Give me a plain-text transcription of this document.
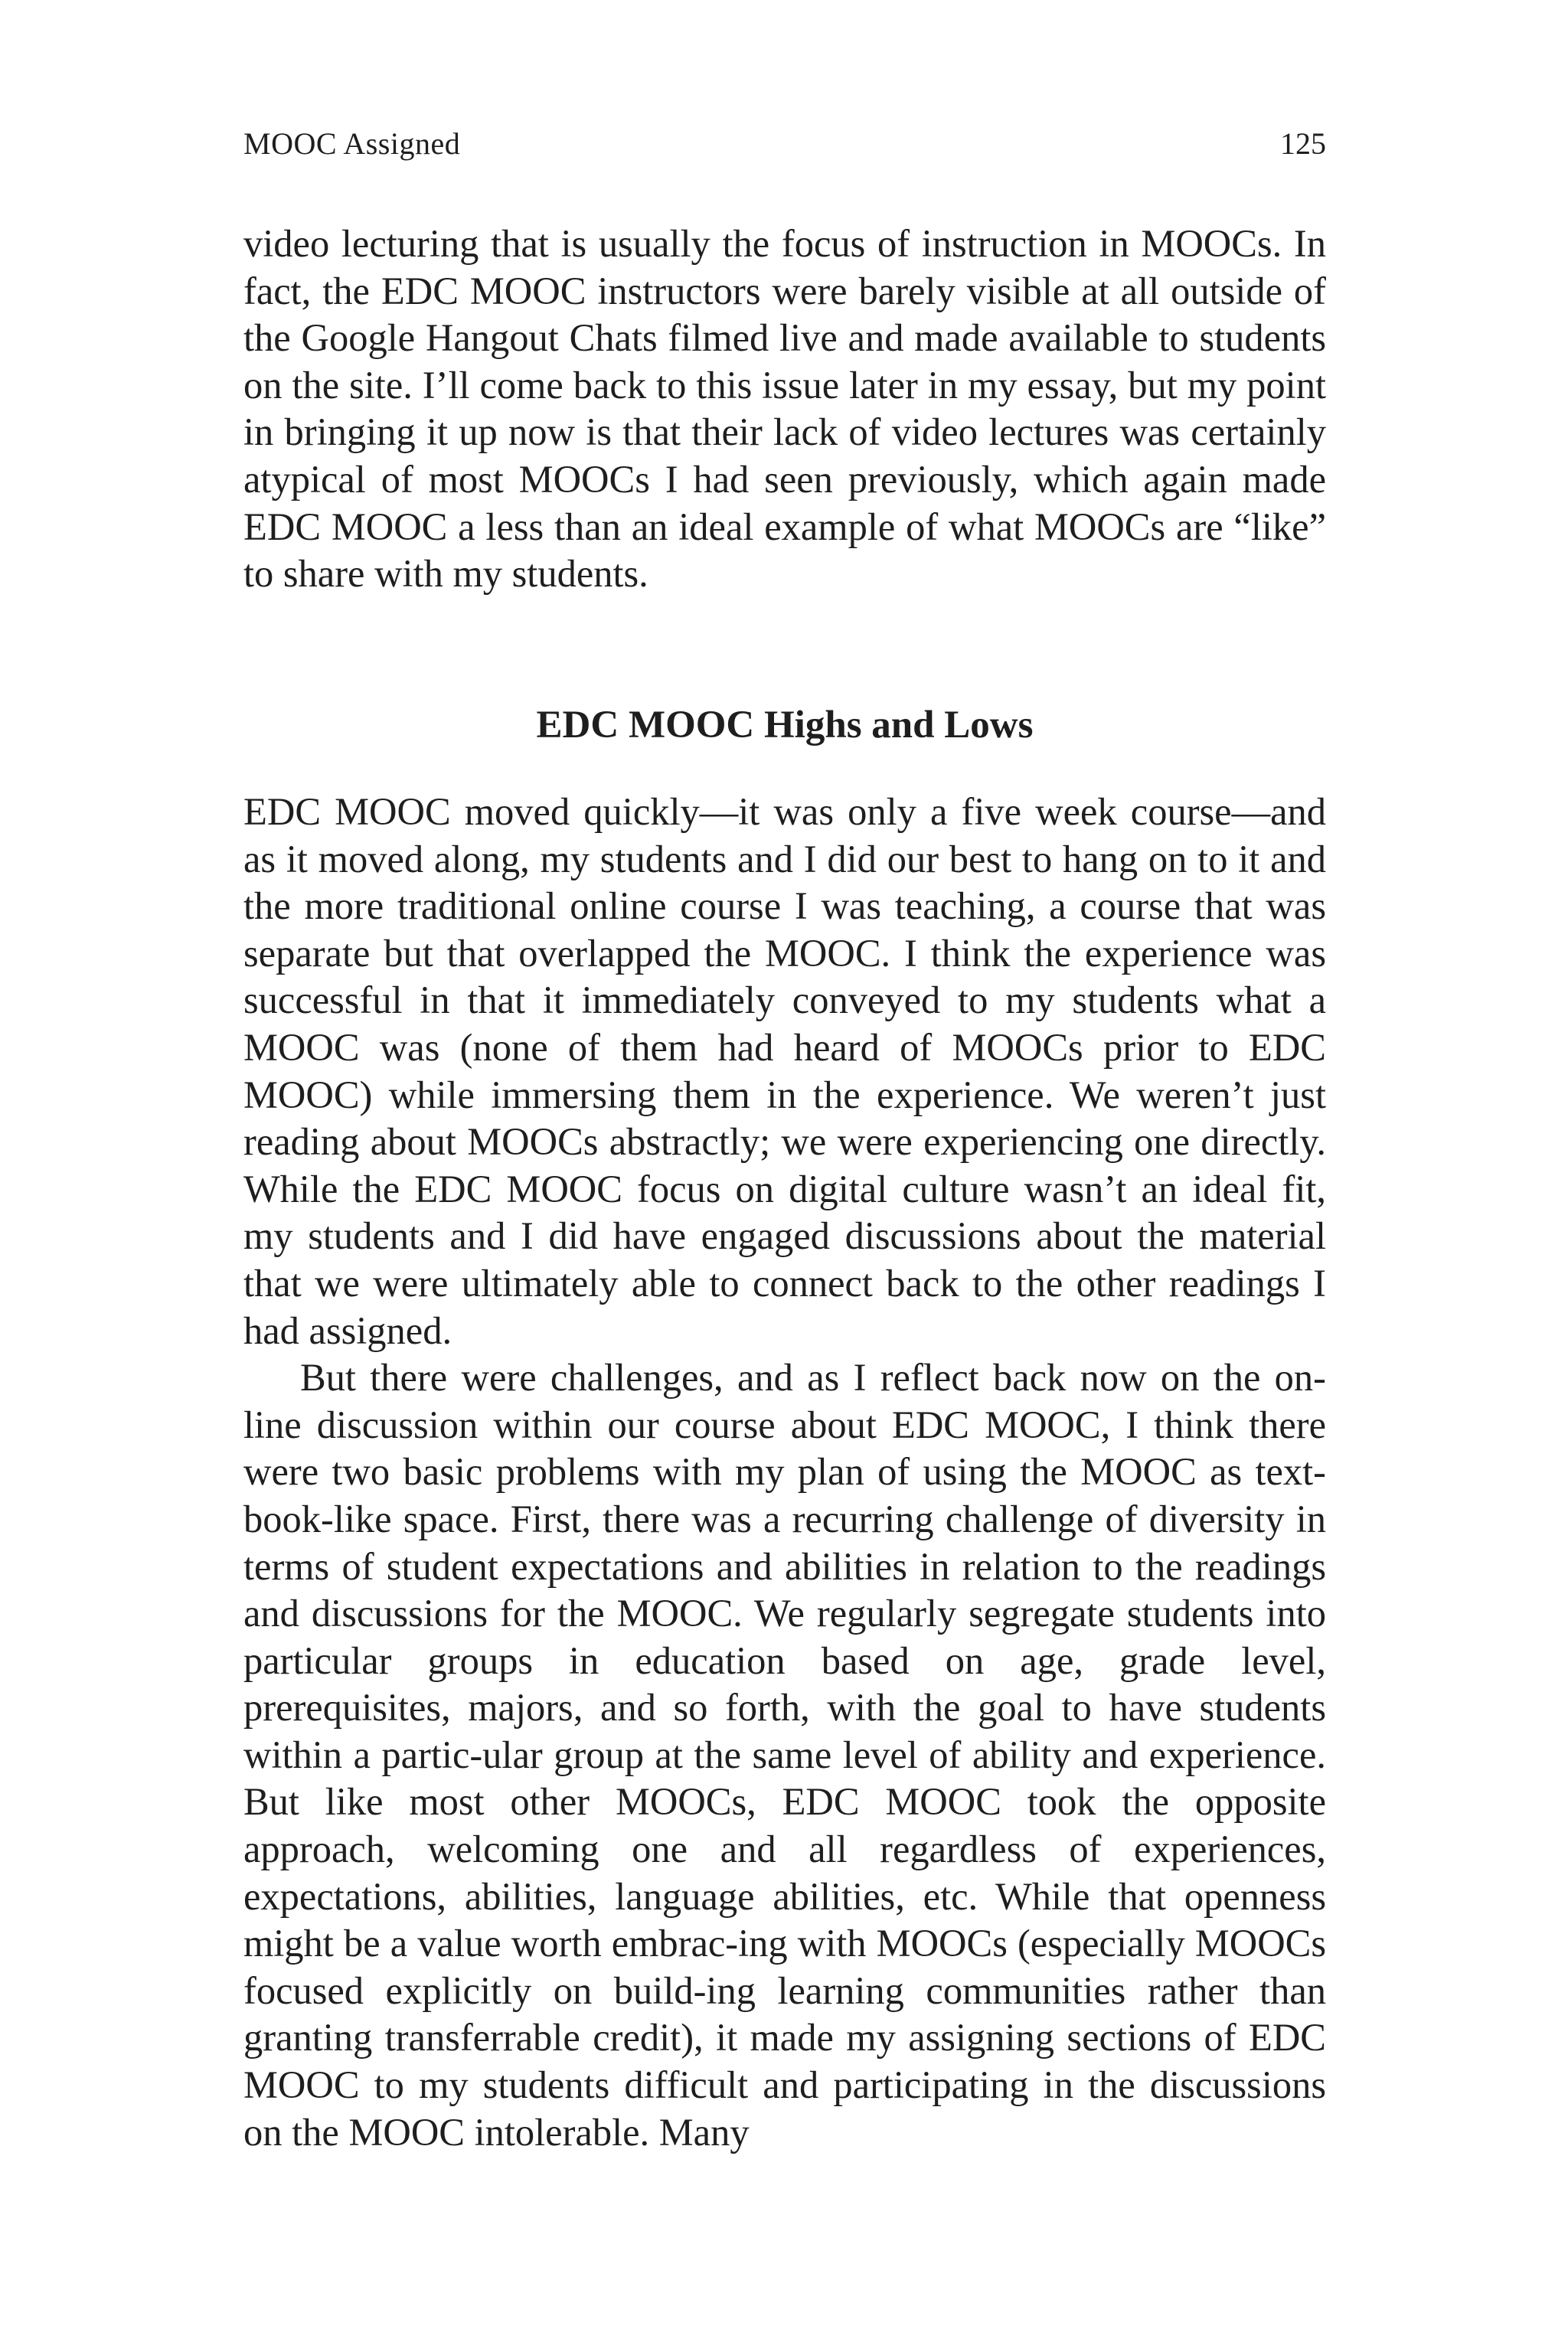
MOOC Assigned	125

video lecturing that is usually the focus of instruction in MOOCs. In fact, the EDC MOOC instructors were barely visible at all outside of the Google Hangout Chats filmed live and made available to students on the site. I’ll come back to this issue later in my essay, but my point in bringing it up now is that their lack of video lectures was certainly atypical of most MOOCs I had seen previously, which again made EDC MOOC a less than an ideal example of what MOOCs are “like” to share with my students.

EDC MOOC Highs and Lows

EDC MOOC moved quickly—it was only a five week course—and as it moved along, my students and I did our best to hang on to it and the more traditional online course I was teaching, a course that was separate but that overlapped the MOOC. I think the experience was successful in that it immediately conveyed to my students what a MOOC was (none of them had heard of MOOCs prior to EDC MOOC) while immersing them in the experience. We weren’t just reading about MOOCs abstractly; we were experiencing one directly. While the EDC MOOC focus on digital culture wasn’t an ideal fit, my students and I did have engaged discussions about the material that we were ultimately able to connect back to the other readings I had assigned.

But there were challenges, and as I reflect back now on the on-line discussion within our course about EDC MOOC, I think there were two basic problems with my plan of using the MOOC as text-book-like space. First, there was a recurring challenge of diversity in terms of student expectations and abilities in relation to the readings and discussions for the MOOC. We regularly segregate students into particular groups in education based on age, grade level, prerequisites, majors, and so forth, with the goal to have students within a partic-ular group at the same level of ability and experience. But like most other MOOCs, EDC MOOC took the opposite approach, welcoming one and all regardless of experiences, expectations, abilities, language abilities, etc. While that openness might be a value worth embrac-ing with MOOCs (especially MOOCs focused explicitly on build-ing learning communities rather than granting transferrable credit), it made my assigning sections of EDC MOOC to my students difficult and participating in the discussions on the MOOC intolerable. Many
